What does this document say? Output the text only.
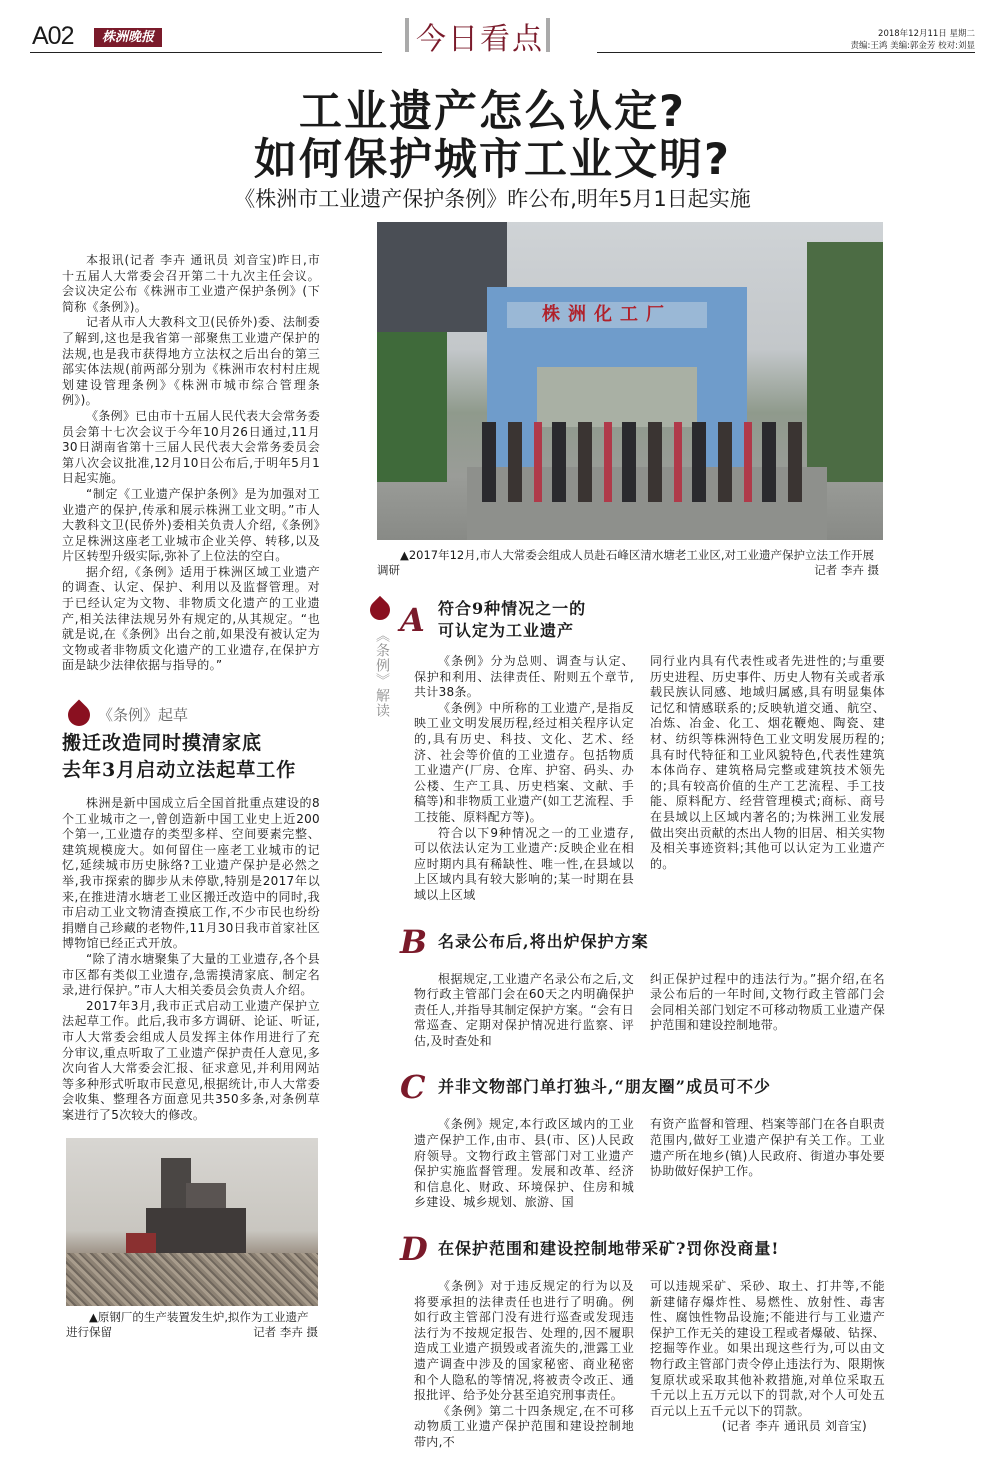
A02	株洲晚报	今日看点	2018年12月11日 星期二
责编:王鸿 美编:郭金芳 校对:刘显
工业遗产怎么认定?
如何保护城市工业文明?
《株洲市工业遗产保护条例》昨公布,明年5月1日起实施

本报讯(记者 李卉 通讯员 刘音宝)昨日,市十五届人大常委会召开第二十九次主任会议。会议决定公布《株洲市工业遗产保护条例》(下简称《条例》)。

记者从市人大教科文卫(民侨外)委、法制委了解到,这也是我省第一部聚焦工业遗产保护的法规,也是我市获得地方立法权之后出台的第三部实体法规(前两部分别为《株洲市农村村庄规划建设管理条例》《株洲市城市综合管理条例》)。

《条例》已由市十五届人民代表大会常务委员会第十七次会议于今年10月26日通过,11月30日湖南省第十三届人民代表大会常务委员会第八次会议批准,12月10日公布后,于明年5月1日起实施。

“制定《工业遗产保护条例》是为加强对工业遗产的保护,传承和展示株洲工业文明。”市人大教科文卫(民侨外)委相关负责人介绍,《条例》立足株洲这座老工业城市企业关停、转移,以及片区转型升级实际,弥补了上位法的空白。

据介绍,《条例》适用于株洲区域工业遗产的调查、认定、保护、利用以及监督管理。对于已经认定为文物、非物质文化遗产的工业遗产,相关法律法规另外有规定的,从其规定。“也就是说,在《条例》出台之前,如果没有被认定为文物或者非物质文化遗产的工业遗存,在保护方面是缺少法律依据与指导的。”

《条例》起草
搬迁改造同时摸清家底
去年3月启动立法起草工作

株洲是新中国成立后全国首批重点建设的8个工业城市之一,曾创造新中国工业史上近200个第一,工业遗存的类型多样、空间要素完整、建筑规模庞大。如何留住一座老工业城市的记忆,延续城市历史脉络?工业遗产保护是必然之举,我市探索的脚步从未停歇,特别是2017年以来,在推进清水塘老工业区搬迁改造中的同时,我市启动工业文物清查摸底工作,不少市民也纷纷捐赠自己珍藏的老物件,11月30日我市首家社区博物馆已经正式开放。

“除了清水塘聚集了大量的工业遗存,各个县市区都有类似工业遗存,急需摸清家底、制定名录,进行保护。”市人大相关委员会负责人介绍。

2017年3月,我市正式启动工业遗产保护立法起草工作。此后,我市多方调研、论证、听证,市人大常委会组成人员发挥主体作用进行了充分审议,重点听取了工业遗产保护责任人意见,多次向省人大常委会汇报、征求意见,并利用网站等多种形式听取市民意见,根据统计,市人大常委会收集、整理各方面意见共350多条,对条例草案进行了5次较大的修改。

▲原钢厂的生产装置发生炉,拟作为工业遗产进行保留	记者 李卉 摄
株洲化工厂
▲2017年12月,市人大常委会组成人员赴石峰区清水塘老工业区,对工业遗产保护立法工作开展调研	记者 李卉 摄
《条例》解读
A 符合9种情况之一的
可认定为工业遗产

《条例》分为总则、调查与认定、保护和利用、法律责任、附则五个章节,共计38条。

《条例》中所称的工业遗产,是指反映工业文明发展历程,经过相关程序认定的,具有历史、科技、文化、艺术、经济、社会等价值的工业遗存。包括物质工业遗产(厂房、仓库、护窑、码头、办公楼、生产工具、历史档案、文献、手稿等)和非物质工业遗产(如工艺流程、手工技能、原料配方等)。

符合以下9种情况之一的工业遗存,可以依法认定为工业遗产:反映企业在相应时期内具有稀缺性、唯一性,在县域以上区域内具有较大影响的;某一时期在县域以上区域

同行业内具有代表性或者先进性的;与重要历史进程、历史事件、历史人物有关或者承载民族认同感、地域归属感,具有明显集体记忆和情感联系的;反映轨道交通、航空、冶炼、冶金、化工、烟花鞭炮、陶瓷、建材、纺织等株洲特色工业文明发展历程的;具有时代特征和工业风貌特色,代表性建筑本体尚存、建筑格局完整或建筑技术领先的;具有较高价值的生产工艺流程、手工技能、原料配方、经营管理模式;商标、商号在县域以上区域内著名的;为株洲工业发展做出突出贡献的杰出人物的旧居、相关实物及相关事迹资料;其他可以认定为工业遗产的。

B 名录公布后,将出炉保护方案

根据规定,工业遗产名录公布之后,文物行政主管部门会在60天之内明确保护责任人,并指导其制定保护方案。“会有日常巡查、定期对保护情况进行监察、评估,及时查处和

纠正保护过程中的违法行为。”据介绍,在名录公布后的一年时间,文物行政主管部门会会同相关部门划定不可移动物质工业遗产保护范围和建设控制地带。

C 并非文物部门单打独斗,“朋友圈”成员可不少

《条例》规定,本行政区域内的工业遗产保护工作,由市、县(市、区)人民政府领导。文物行政主管部门对工业遗产保护实施监督管理。发展和改革、经济和信息化、财政、环境保护、住房和城乡建设、城乡规划、旅游、国

有资产监督和管理、档案等部门在各自职责范围内,做好工业遗产保护有关工作。工业遗产所在地乡(镇)人民政府、街道办事处要协助做好保护工作。

D 在保护范围和建设控制地带采矿?罚你没商量!

《条例》对于违反规定的行为以及将要承担的法律责任也进行了明确。例如行政主管部门没有进行巡查或发现违法行为不按规定报告、处理的,因不履职造成工业遗产损毁或者流失的,泄露工业遗产调查中涉及的国家秘密、商业秘密和个人隐私的等情况,将被责令改正、通报批评、给予处分甚至追究刑事责任。

《条例》第二十四条规定,在不可移动物质工业遗产保护范围和建设控制地带内,不

可以违规采矿、采砂、取土、打井等,不能新建储存爆炸性、易燃性、放射性、毒害性、腐蚀性物品设施;不能进行与工业遗产保护工作无关的建设工程或者爆破、钻探、挖掘等作业。如果出现这些行为,可以由文物行政主管部门责令停止违法行为、限期恢复原状或采取其他补救措施,对单位采取五千元以上五万元以下的罚款,对个人可处五百元以上五千元以下的罚款。

(记者 李卉 通讯员 刘音宝)
